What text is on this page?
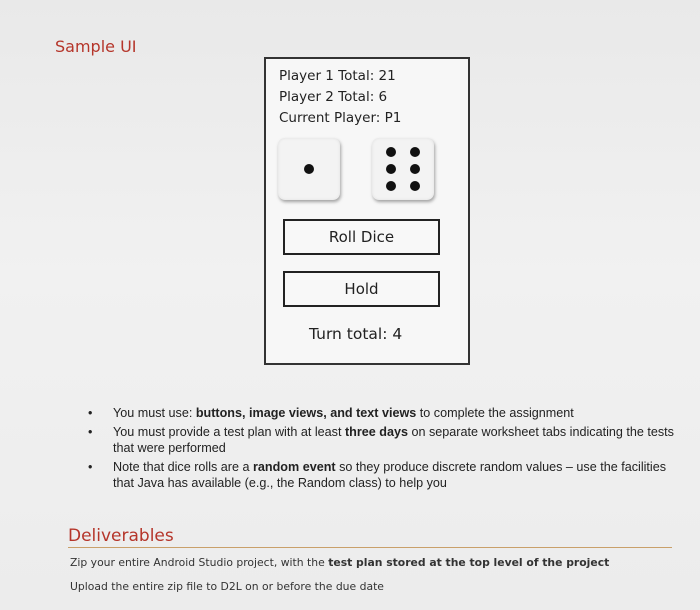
Sample UI
Player 1 Total: 21
Player 2 Total: 6
Current Player: P1
Roll Dice
Hold
Turn total: 4
• You must use: buttons, image views, and text views to complete the assignment
• You must provide a test plan with at least three days on separate worksheet tabs indicating the tests that were performed
• Note that dice rolls are a random event so they produce discrete random values – use the facilities that Java has available (e.g., the Random class) to help you
Deliverables
Zip your entire Android Studio project, with the test plan stored at the top level of the project
Upload the entire zip file to D2L on or before the due date
